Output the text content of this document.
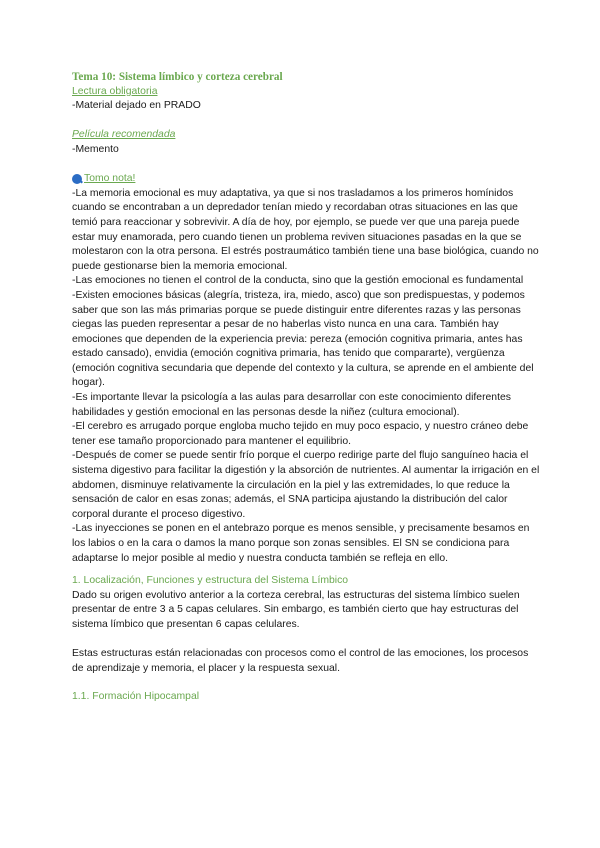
Tema 10: Sistema límbico y corteza cerebral

Lectura obligatoria

-Material dejado en PRADO

Película recomendada

-Memento

Tomo nota!

-La memoria emocional es muy adaptativa, ya que si nos trasladamos a los primeros homínidos cuando se encontraban a un depredador tenían miedo y recordaban otras situaciones en las que temió para reaccionar y sobrevivir. A día de hoy, por ejemplo, se puede ver que una pareja puede estar muy enamorada, pero cuando tienen un problema reviven situaciones pasadas en la que se molestaron con la otra persona. El estrés postraumático también tiene una base biológica, cuando no puede gestionarse bien la memoria emocional.

-Las emociones no tienen el control de la conducta, sino que la gestión emocional es fundamental

-Existen emociones básicas (alegría, tristeza, ira, miedo, asco) que son predispuestas, y podemos saber que son las más primarias porque se puede distinguir entre diferentes razas y las personas ciegas las pueden representar a pesar de no haberlas visto nunca en una cara. También hay emociones que dependen de la experiencia previa: pereza (emoción cognitiva primaria, antes has estado cansado), envidia (emoción cognitiva primaria, has tenido que compararte), vergüenza (emoción cognitiva secundaria que depende del contexto y la cultura, se aprende en el ambiente del hogar).

-Es importante llevar la psicología a las aulas para desarrollar con este conocimiento diferentes habilidades y gestión emocional en las personas desde la niñez (cultura emocional).

-El cerebro es arrugado porque engloba mucho tejido en muy poco espacio, y nuestro cráneo debe tener ese tamaño proporcionado para mantener el equilibrio.

-Después de comer se puede sentir frío porque el cuerpo redirige parte del flujo sanguíneo hacia el sistema digestivo para facilitar la digestión y la absorción de nutrientes. Al aumentar la irrigación en el abdomen, disminuye relativamente la circulación en la piel y las extremidades, lo que reduce la sensación de calor en esas zonas; además, el SNA participa ajustando la distribución del calor corporal durante el proceso digestivo.

-Las inyecciones se ponen en el antebrazo porque es menos sensible, y precisamente besamos en los labios o en la cara o damos la mano porque son zonas sensibles. El SN se condiciona para adaptarse lo mejor posible al medio y nuestra conducta también se refleja en ello.

1. Localización, Funciones y estructura del Sistema Límbico

Dado su origen evolutivo anterior a la corteza cerebral, las estructuras del sistema límbico suelen presentar de entre 3 a 5 capas celulares. Sin embargo, es también cierto que hay estructuras del sistema límbico que presentan 6 capas celulares.

Estas estructuras están relacionadas con procesos como el control de las emociones, los procesos de aprendizaje y memoria, el placer y la respuesta sexual.

1.1. Formación Hipocampal
